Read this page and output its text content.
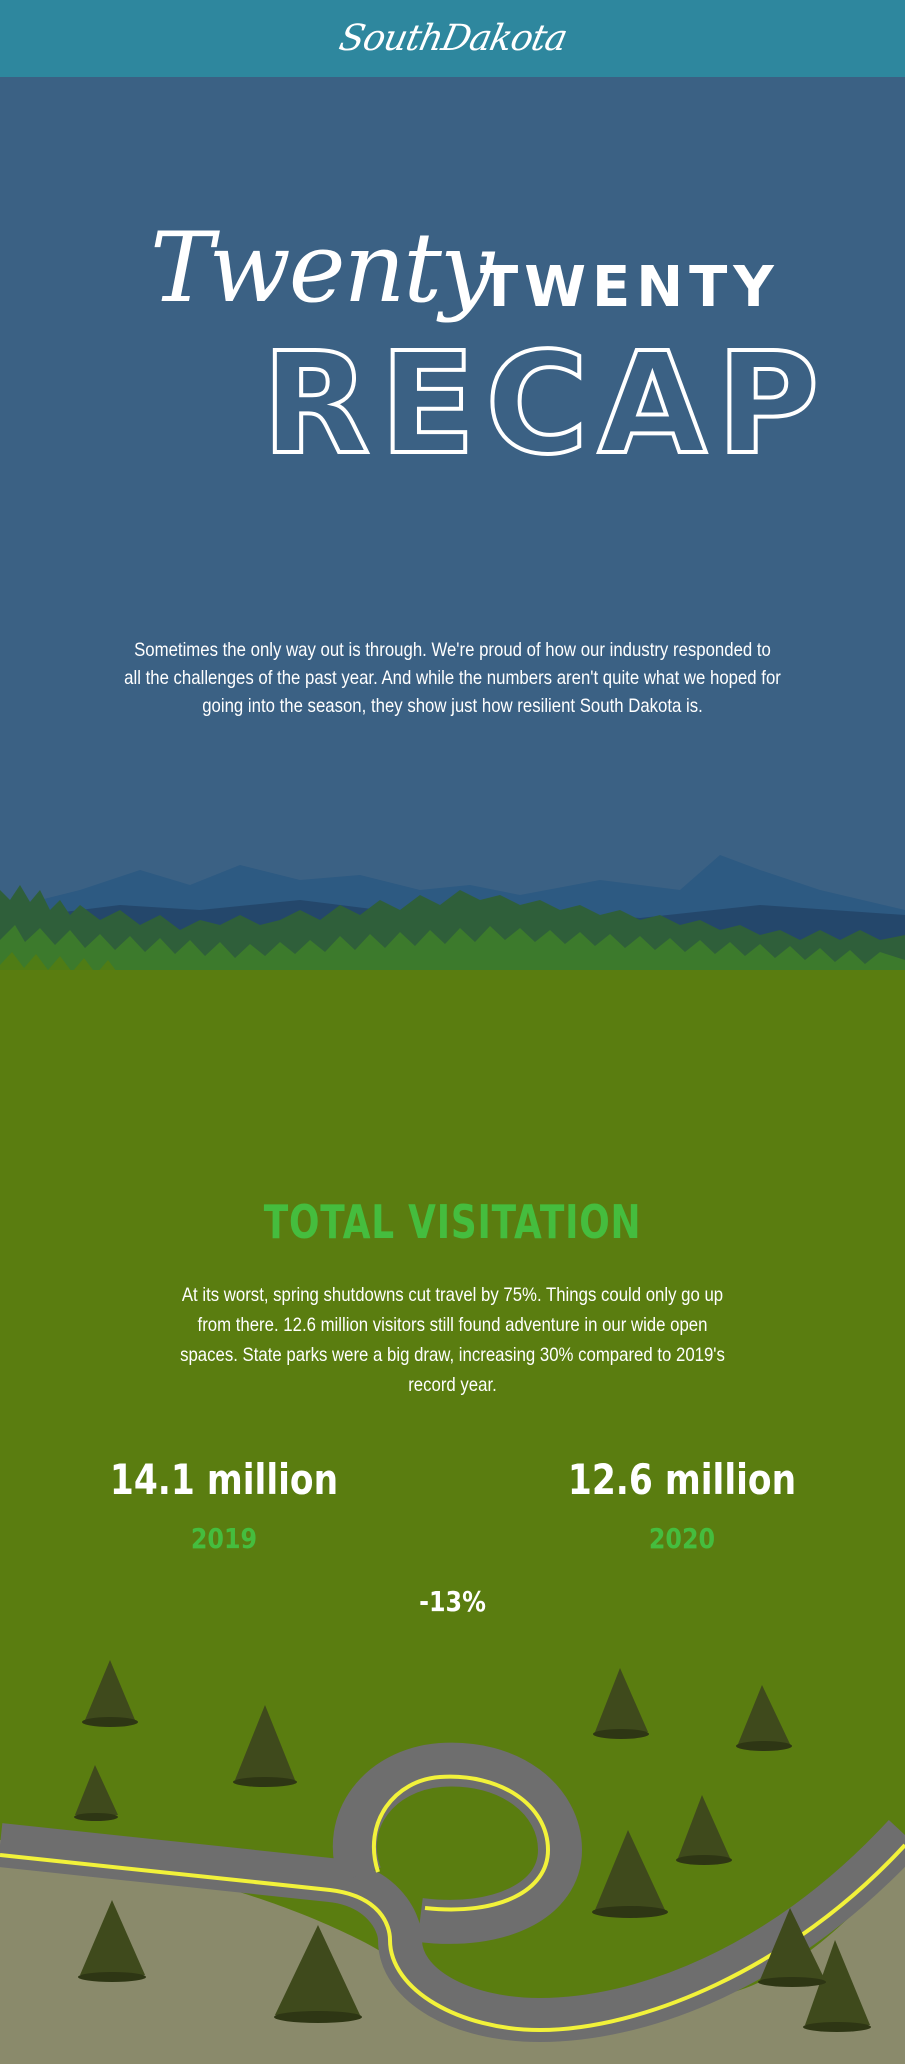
SouthDakota
Twenty
TWENTY
RECAP

Sometimes the only way out is through. We're proud of how our industry responded to all the challenges of the past year. And while the numbers aren't quite what we hoped for going into the season, they show just how resilient South Dakota is.

TOTAL VISITATION

At its worst, spring shutdowns cut travel by 75%. Things could only go up from there. 12.6 million visitors still found adventure in our wide open spaces. State parks were a big draw, increasing 30% compared to 2019's record year.

14.1 million
2019
12.6 million
2020
-13%
